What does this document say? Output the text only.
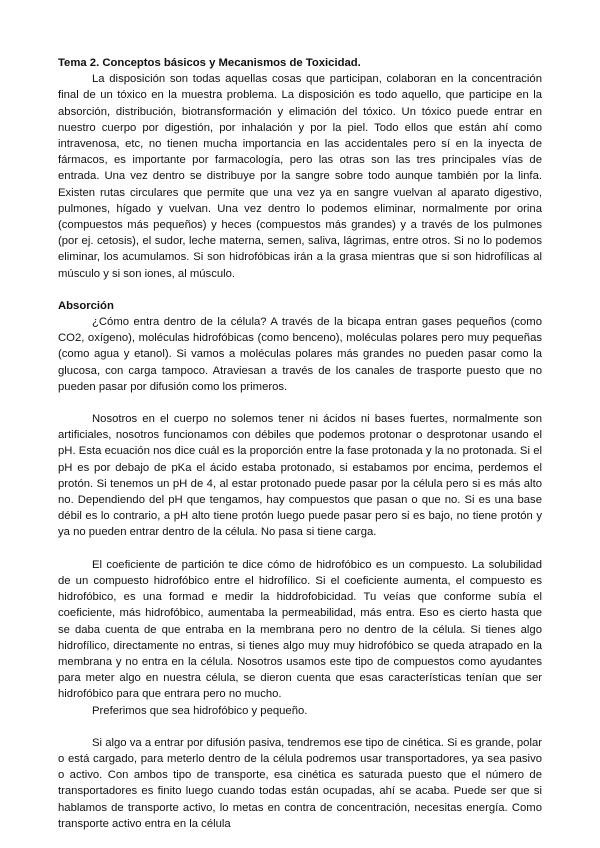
Tema 2. Conceptos básicos y Mecanismos de Toxicidad.

La disposición son todas aquellas cosas que participan, colaboran en la concentración final de un tóxico en la muestra problema. La disposición es todo aquello, que participe en la absorción, distribución, biotransformación y elimación del tóxico. Un tóxico puede entrar en nuestro cuerpo por digestión, por inhalación y por la piel. Todo ellos que están ahí como intravenosa, etc, no tienen mucha importancia en las accidentales pero sí en la inyecta de fármacos, es importante por farmacología, pero las otras son las tres principales vías de entrada. Una vez dentro se distribuye por la sangre sobre todo aunque también por la linfa. Existen rutas circulares que permite que una vez ya en sangre vuelvan al aparato digestivo, pulmones, hígado y vuelvan. Una vez dentro lo podemos eliminar, normalmente por orina (compuestos más pequeños) y heces (compuestos más grandes) y a través de los pulmones (por ej. cetosis), el sudor, leche materna, semen, saliva, lágrimas, entre otros. Si no lo podemos eliminar, los acumulamos. Si son hidrofóbicas irán a la grasa mientras que si son hidrofílicas al músculo y si son iones, al músculo.

Absorción

¿Cómo entra dentro de la célula? A través de la bicapa entran gases pequeños (como CO2, oxígeno), moléculas hidrofóbicas (como benceno), moléculas polares pero muy pequeñas (como agua y etanol). Si vamos a moléculas polares más grandes no pueden pasar como la glucosa, con carga tampoco. Atraviesan a través de los canales de trasporte puesto que no pueden pasar por difusión como los primeros.

Nosotros en el cuerpo no solemos tener ni ácidos ni bases fuertes, normalmente son artificiales, nosotros funcionamos con débiles que podemos protonar o desprotonar usando el pH. Esta ecuación nos dice cuál es la proporción entre la fase protonada y la no protonada. Si el pH es por debajo de pKa el ácido estaba protonado, si estabamos por encima, perdemos el protón. Si tenemos un pH de 4, al estar protonado puede pasar por la célula pero si es más alto no. Dependiendo del pH que tengamos, hay compuestos que pasan o que no. Si es una base débil es lo contrario, a pH alto tiene protón luego puede pasar pero si es bajo, no tiene protón y ya no pueden entrar dentro de la célula. No pasa si tiene carga.

El coeficiente de partición te dice cómo de hidrofóbico es un compuesto. La solubilidad de un compuesto hidrofóbico entre el hidrofílico. Si el coeficiente aumenta, el compuesto es hidrofóbico, es una formad e medir la hiddrofobicidad. Tu veías que conforme subía el coeficiente, más hidrofóbico, aumentaba la permeabilidad, más entra. Eso es cierto hasta que se daba cuenta de que entraba en la membrana pero no dentro de la célula. Si tienes algo hidrofílico, directamente no entras, si tienes algo muy muy hidrofóbico se queda atrapado en la membrana y no entra en la célula. Nosotros usamos este tipo de compuestos como ayudantes para meter algo en nuestra célula, se dieron cuenta que esas características tenían que ser hidrofóbico para que entrara pero no mucho.

Preferimos que sea hidrofóbico y pequeño.

Si algo va a entrar por difusión pasiva, tendremos ese tipo de cinética. Si es grande, polar o está cargado, para meterlo dentro de la célula podremos usar transportadores, ya sea pasivo o activo. Con ambos tipo de transporte, esa cinética es saturada puesto que el número de transportadores es finito luego cuando todas están ocupadas, ahí se acaba. Puede ser que si hablamos de transporte activo, lo metas en contra de concentración, necesitas energía. Como transporte activo entra en la célula
